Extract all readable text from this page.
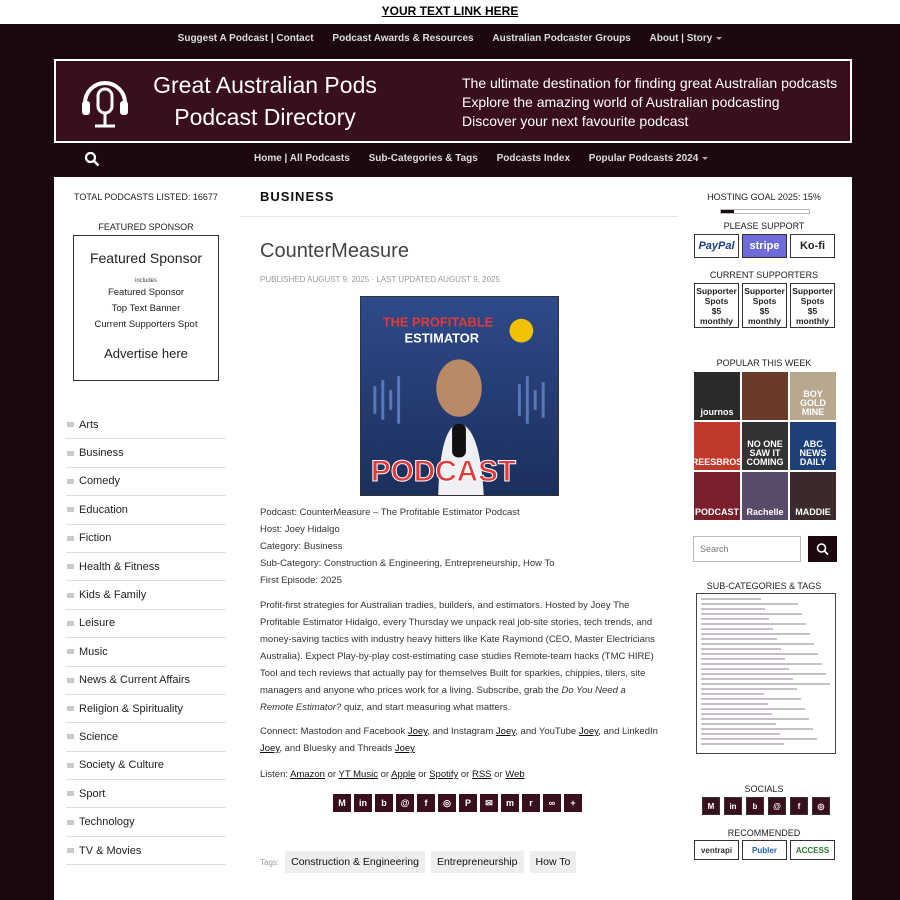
YOUR TEXT LINK HERE
Suggest A Podcast | Contact Podcast Awards & Resources Australian Podcaster Groups About | Story
Great Australian Pods
Podcast Directory
The ultimate destination for finding great Australian podcasts
Explore the amazing world of Australian podcasting
Discover your next favourite podcast
Home | All Podcasts Sub-Categories & Tags Podcasts Index Popular Podcasts 2024
TOTAL PODCASTS LISTED: 16677
FEATURED SPONSOR
Featured Sponsor
includes
Featured Sponsor
Top Text Banner
Current Supporters Spot
Advertise here
Arts
Business
Comedy
Education
Fiction
Health & Fitness
Kids & Family
Leisure
Music
News & Current Affairs
Religion & Spirituality
Science
Society & Culture
Sport
Technology
TV & Movies
BUSINESS
CounterMeasure
PUBLISHED AUGUST 9, 2025 · LAST UPDATED AUGUST 9, 2025
THE PROFITABLE
ESTIMATOR
PODCAST
Podcast: CounterMeasure – The Profitable Estimator Podcast
Host: Joey Hidalgo
Category: Business
Sub-Category: Construction & Engineering, Entrepreneurship, How To
First Episode: 2025
Profit-first strategies for Australian tradies, builders, and estimators. Hosted by Joey The Profitable Estimator Hidalgo, every Thursday we unpack real job-site stories, tech trends, and money-saving tactics with industry heavy hitters like Kate Raymond (CEO, Master Electricians Australia). Expect Play-by-play cost-estimating case studies Remote-team hacks (TMC HIRE) Tool and tech reviews that actually pay for themselves Built for sparkies, chippies, tilers, site managers and anyone who prices work for a living. Subscribe, grab the Do You Need a Remote Estimator? quiz, and start measuring what matters.
Connect: Mastodon and Facebook Joey, and Instagram Joey, and YouTube Joey, and LinkedIn Joey, and Bluesky and Threads Joey
Listen: Amazon or YT Music or Apple or Spotify or RSS or Web
M	in	b	@	f	◎	P	✉	m	r	∞	+
Tags:	Construction & Engineering	Entrepreneurship	How To
HOSTING GOAL 2025: 15%
PLEASE SUPPORT
PayPal	stripe	Ko-fi
CURRENT SUPPORTERS
Supporter
Spots
$5
monthly
Supporter
Spots
$5
monthly
Supporter
Spots
$5
monthly
POPULAR THIS WEEK
journos
BOY GOLD MINE
REESBROS
NO ONE SAW IT COMING
ABC NEWS DAILY
PODCAST Rachelle	MADDIE
Search
SUB-CATEGORIES & TAGS
SOCIALS
M	in	b	@	f	◎
RECOMMENDED
ventrapi	Publer	ACCESS
